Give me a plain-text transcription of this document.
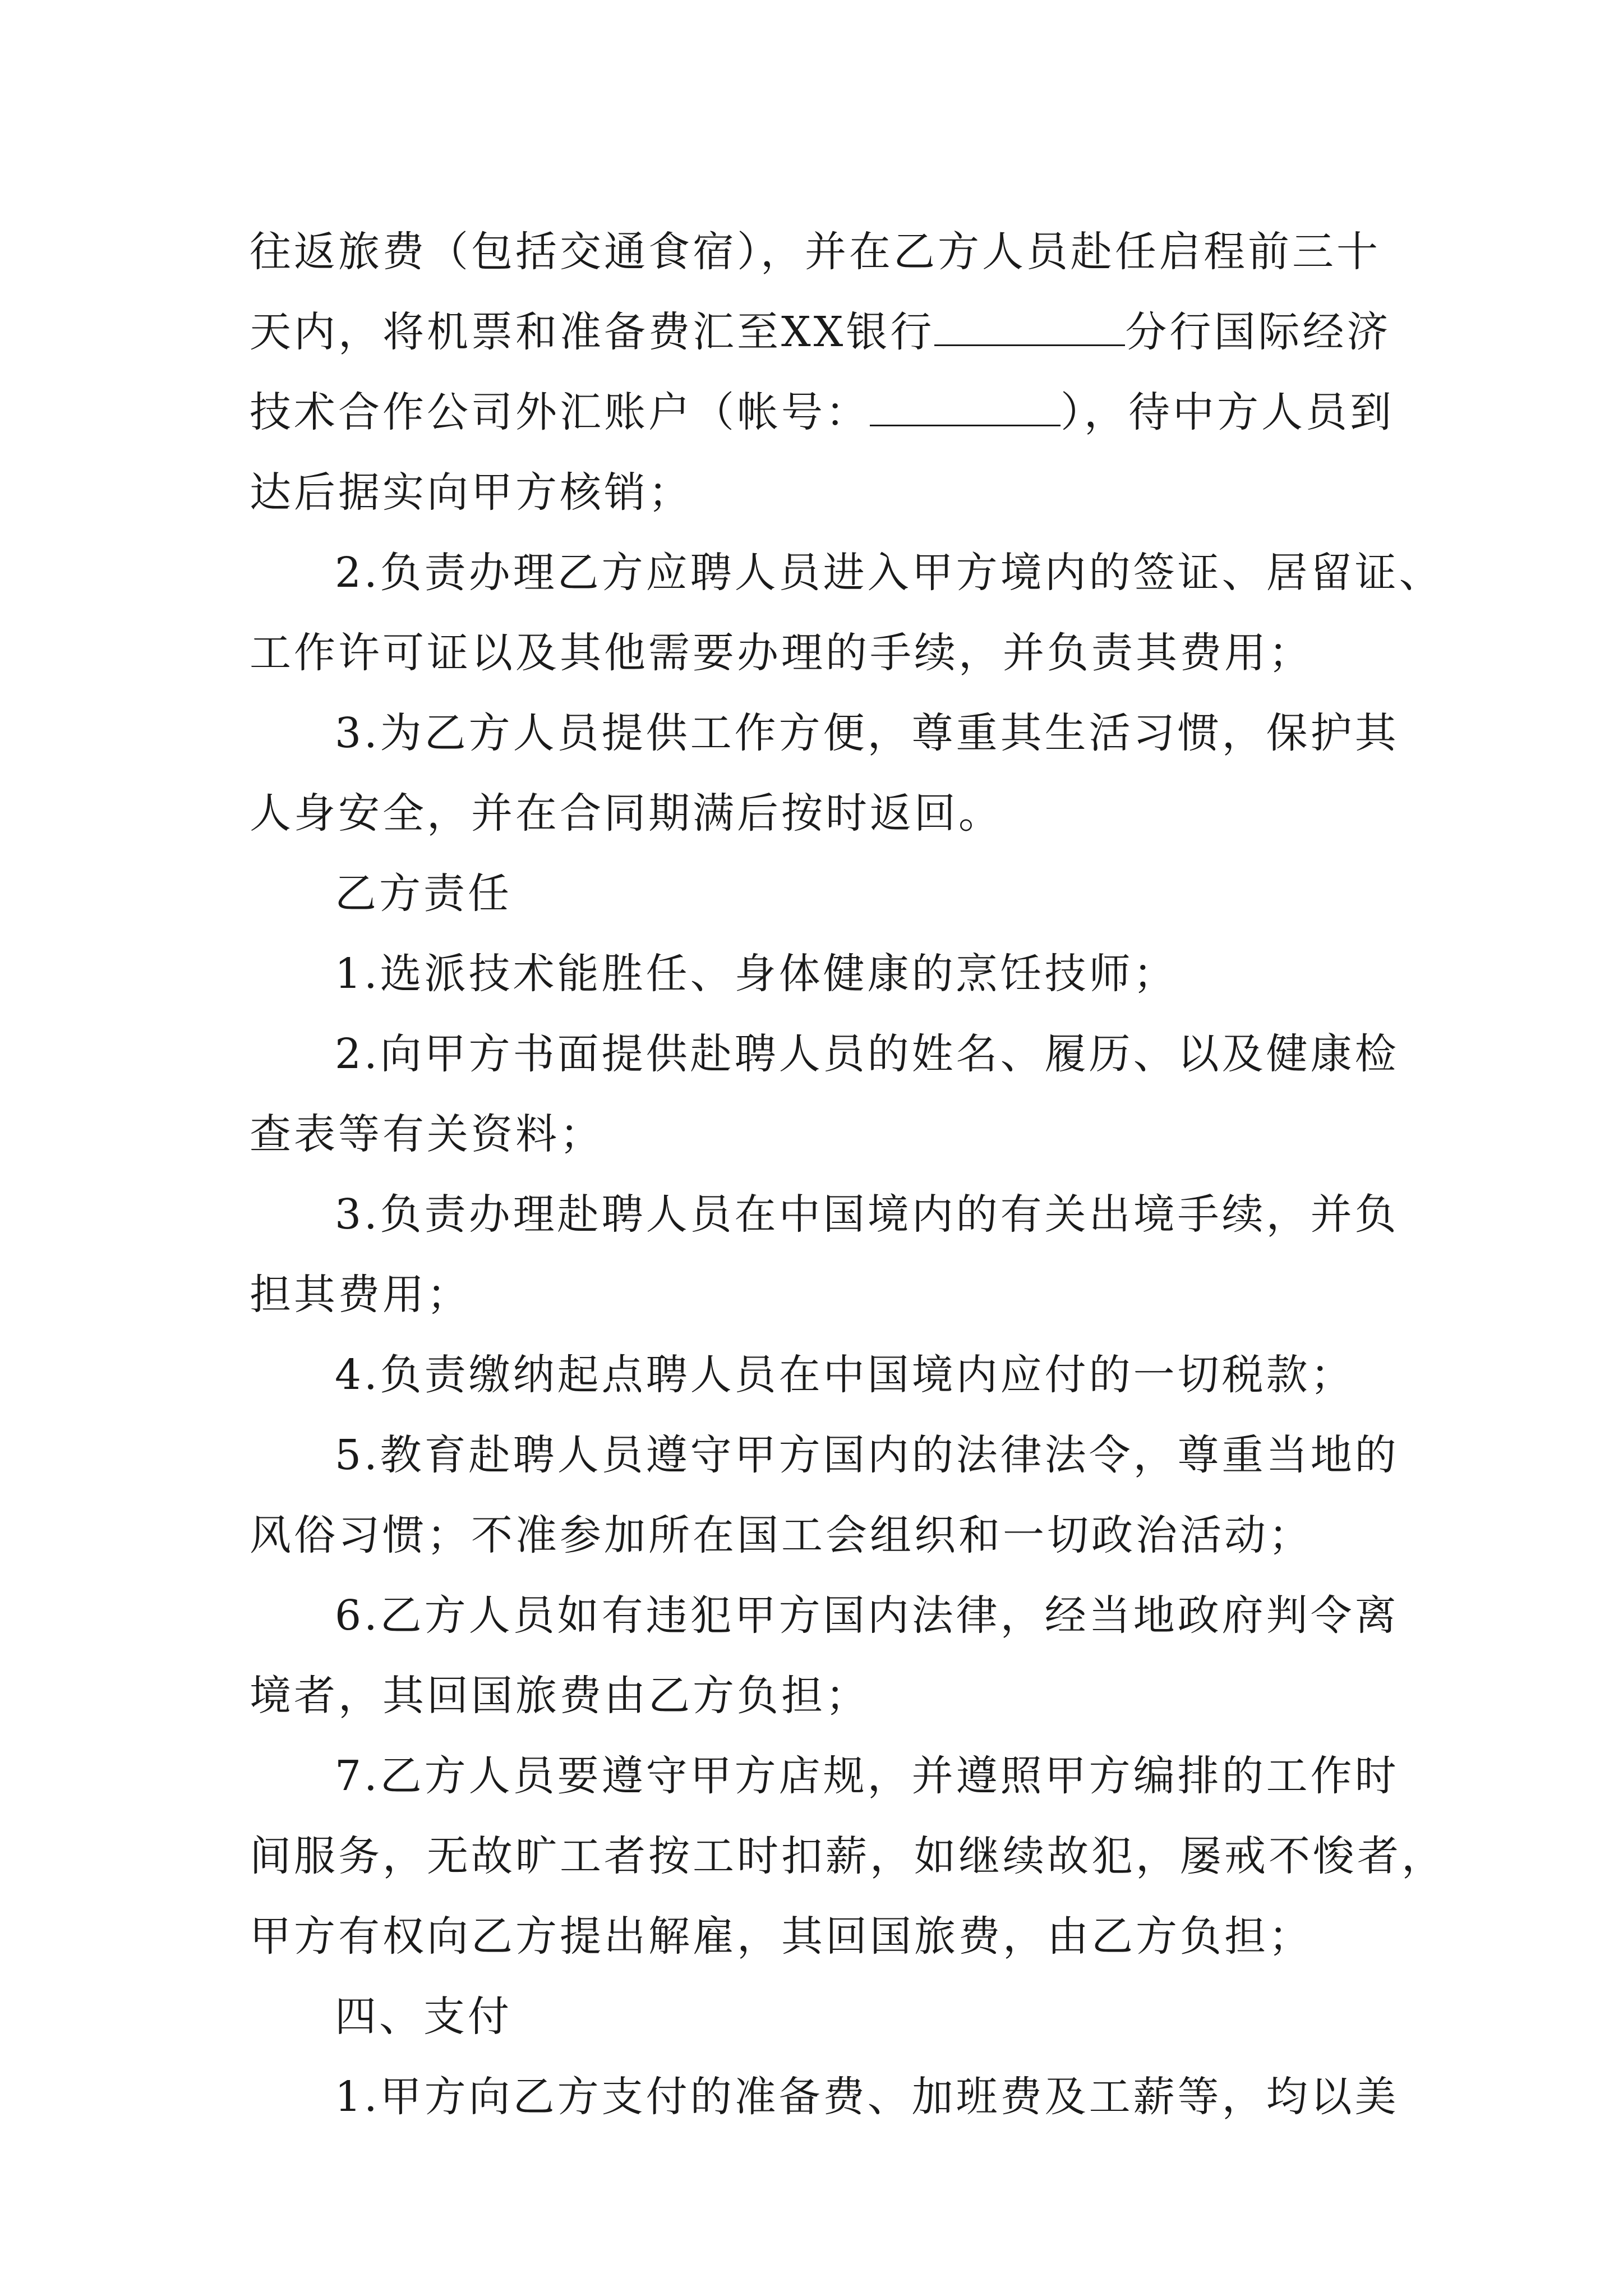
往返旅费（包括交通食宿），并在乙方人员赴任启程前三十
天内，将机票和准备费汇至XX银行	分行国际经济
技术合作公司外汇账户（帐号：	），待中方人员到
达后据实向甲方核销；
2.负责办理乙方应聘人员进入甲方境内的签证、居留证、
工作许可证以及其他需要办理的手续，并负责其费用；
3.为乙方人员提供工作方便，尊重其生活习惯，保护其
人身安全，并在合同期满后按时返回。
乙方责任
1.选派技术能胜任、身体健康的烹饪技师；
2.向甲方书面提供赴聘人员的姓名、履历、以及健康检
查表等有关资料；
3.负责办理赴聘人员在中国境内的有关出境手续，并负
担其费用；
4.负责缴纳起点聘人员在中国境内应付的一切税款；
5.教育赴聘人员遵守甲方国内的法律法令，尊重当地的
风俗习惯；不准参加所在国工会组织和一切政治活动；
6.乙方人员如有违犯甲方国内法律，经当地政府判令离
境者，其回国旅费由乙方负担；
7.乙方人员要遵守甲方店规，并遵照甲方编排的工作时
间服务，无故旷工者按工时扣薪，如继续故犯，屡戒不悛者，
甲方有权向乙方提出解雇，其回国旅费，由乙方负担；
四、支付
1.甲方向乙方支付的准备费、加班费及工薪等，均以美
